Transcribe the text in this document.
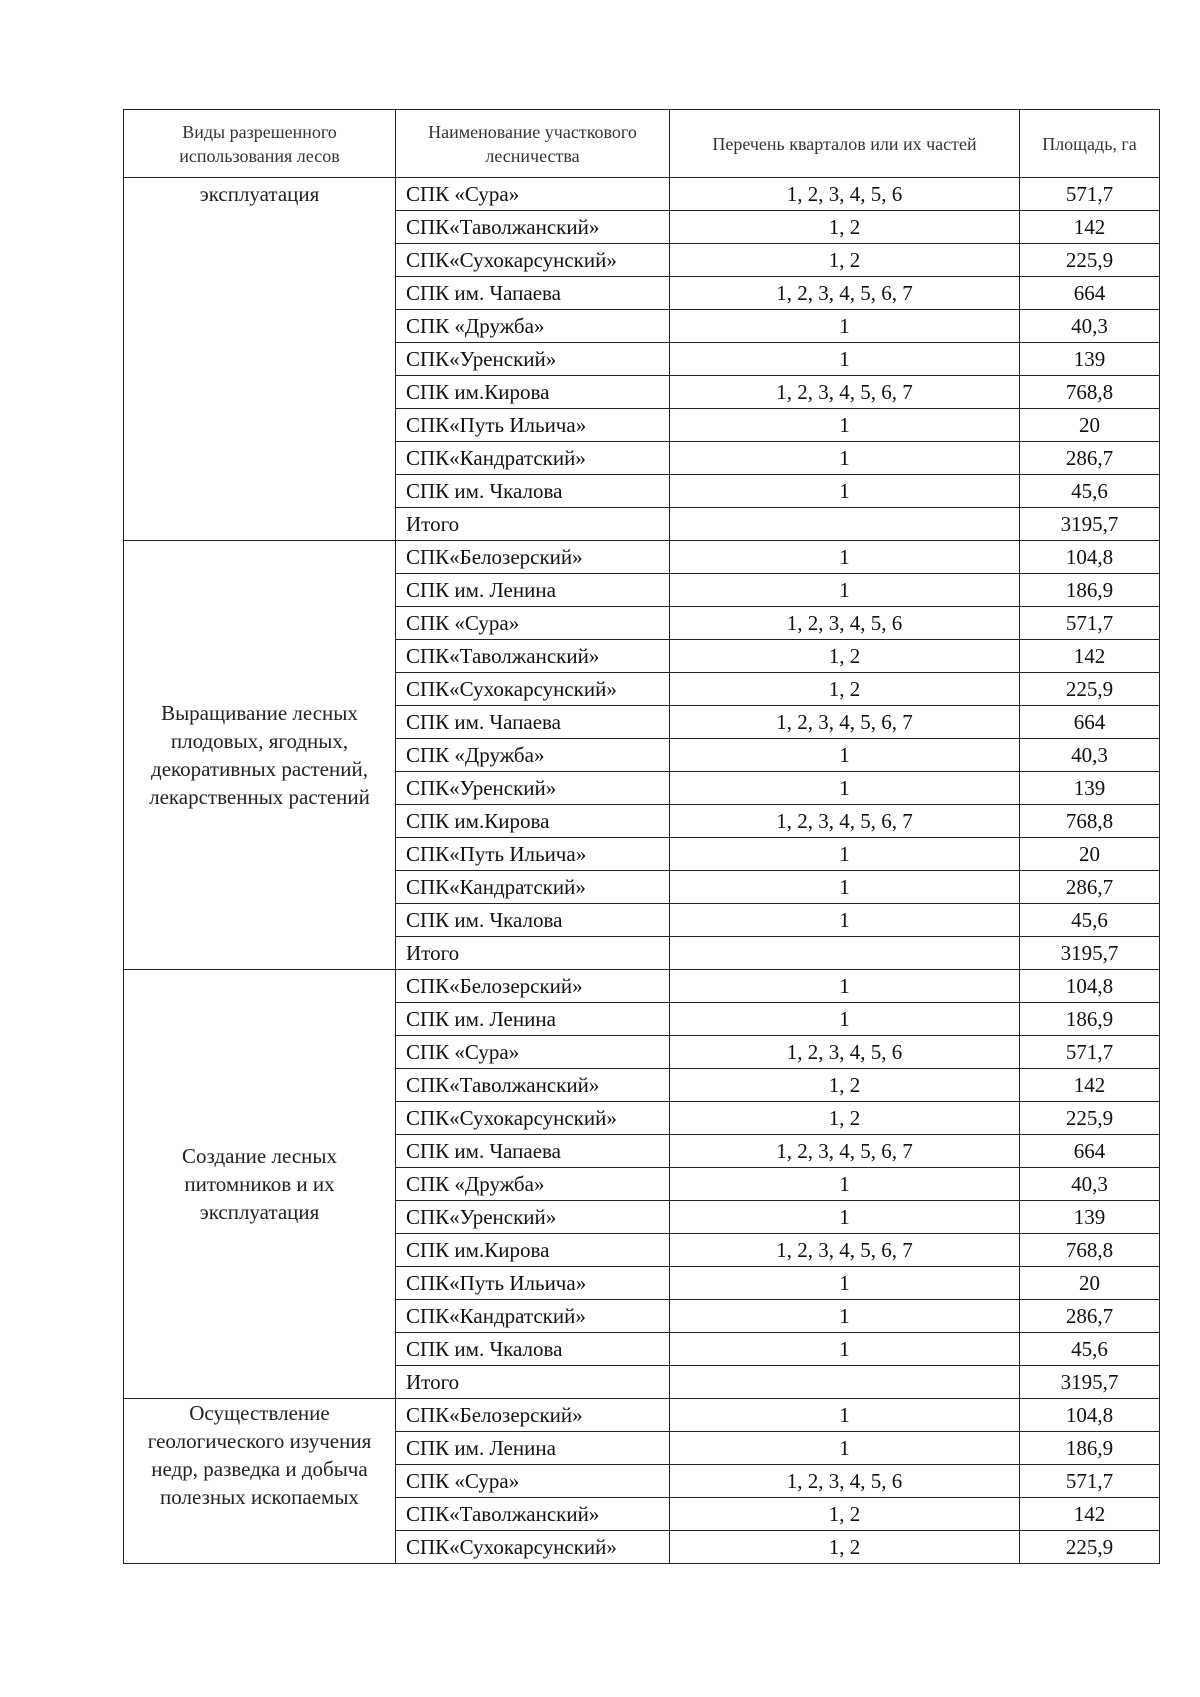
Виды разрешенного использования лесов	Наименование участкового лесничества	Перечень кварталов или их частей	Площадь, га

эксплуатация	СПК «Сура»	1, 2, 3, 4, 5, 6	571,7
	СПК«Таволжанский»	1, 2	142
	СПК«Сухокарсунский»	1, 2	225,9
	СПК им. Чапаева	1, 2, 3, 4, 5, 6, 7	664
	СПК «Дружба»	1	40,3
	СПК«Уренский»	1	139
	СПК им.Кирова	1, 2, 3, 4, 5, 6, 7	768,8
	СПК«Путь Ильича»	1	20
	СПК«Кандратский»	1	286,7
	СПК им. Чкалова	1	45,6
	Итого		3195,7

Выращивание лесных плодовых, ягодных, декоративных растений, лекарственных растений	СПК«Белозерский»	1	104,8
	СПК им. Ленина	1	186,9
	СПК «Сура»	1, 2, 3, 4, 5, 6	571,7
	СПК«Таволжанский»	1, 2	142
	СПК«Сухокарсунский»	1, 2	225,9
	СПК им. Чапаева	1, 2, 3, 4, 5, 6, 7	664
	СПК «Дружба»	1	40,3
	СПК«Уренский»	1	139
	СПК им.Кирова	1, 2, 3, 4, 5, 6, 7	768,8
	СПК«Путь Ильича»	1	20
	СПК«Кандратский»	1	286,7
	СПК им. Чкалова	1	45,6
	Итого		3195,7

Создание лесных питомников и их эксплуатация	СПК«Белозерский»	1	104,8
	СПК им. Ленина	1	186,9
	СПК «Сура»	1, 2, 3, 4, 5, 6	571,7
	СПК«Таволжанский»	1, 2	142
	СПК«Сухокарсунский»	1, 2	225,9
	СПК им. Чапаева	1, 2, 3, 4, 5, 6, 7	664
	СПК «Дружба»	1	40,3
	СПК«Уренский»	1	139
	СПК им.Кирова	1, 2, 3, 4, 5, 6, 7	768,8
	СПК«Путь Ильича»	1	20
	СПК«Кандратский»	1	286,7
	СПК им. Чкалова	1	45,6
	Итого		3195,7

Осуществление геологического изучения недр, разведка и добыча полезных ископаемых	СПК«Белозерский»	1	104,8
	СПК им. Ленина	1	186,9
	СПК «Сура»	1, 2, 3, 4, 5, 6	571,7
	СПК«Таволжанский»	1, 2	142
	СПК«Сухокарсунский»	1, 2	225,9
